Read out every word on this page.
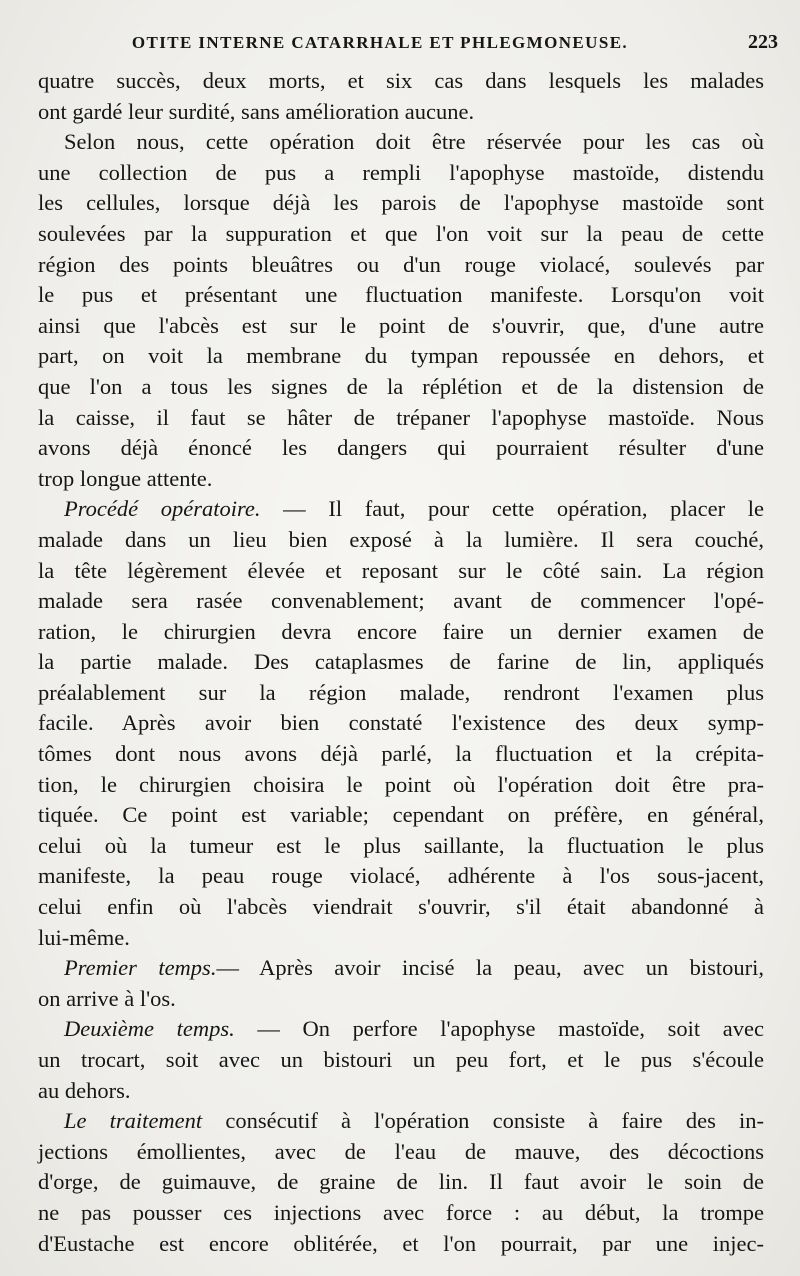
OTITE INTERNE CATARRHALE ET PHLEGMONEUSE.	223
quatre succès, deux morts, et six cas dans lesquels les malades
ont gardé leur surdité, sans amélioration aucune.
Selon nous, cette opération doit être réservée pour les cas où
une collection de pus a rempli l'apophyse mastoïde, distendu
les cellules, lorsque déjà les parois de l'apophyse mastoïde sont
soulevées par la suppuration et que l'on voit sur la peau de cette
région des points bleuâtres ou d'un rouge violacé, soulevés par
le pus et présentant une fluctuation manifeste. Lorsqu'on voit
ainsi que l'abcès est sur le point de s'ouvrir, que, d'une autre
part, on voit la membrane du tympan repoussée en dehors, et
que l'on a tous les signes de la réplétion et de la distension de
la caisse, il faut se hâter de trépaner l'apophyse mastoïde. Nous
avons déjà énoncé les dangers qui pourraient résulter d'une
trop longue attente.
Procédé opératoire. — Il faut, pour cette opération, placer le
malade dans un lieu bien exposé à la lumière. Il sera couché,
la tête légèrement élevée et reposant sur le côté sain. La région
malade sera rasée convenablement; avant de commencer l'opé-
ration, le chirurgien devra encore faire un dernier examen de
la partie malade. Des cataplasmes de farine de lin, appliqués
préalablement sur la région malade, rendront l'examen plus
facile. Après avoir bien constaté l'existence des deux symp-
tômes dont nous avons déjà parlé, la fluctuation et la crépita-
tion, le chirurgien choisira le point où l'opération doit être pra-
tiquée. Ce point est variable; cependant on préfère, en général,
celui où la tumeur est le plus saillante, la fluctuation le plus
manifeste, la peau rouge violacé, adhérente à l'os sous-jacent,
celui enfin où l'abcès viendrait s'ouvrir, s'il était abandonné à
lui-même.
Premier temps.— Après avoir incisé la peau, avec un bistouri,
on arrive à l'os.
Deuxième temps. — On perfore l'apophyse mastoïde, soit avec
un trocart, soit avec un bistouri un peu fort, et le pus s'écoule
au dehors.
Le traitement consécutif à l'opération consiste à faire des in-
jections émollientes, avec de l'eau de mauve, des décoctions
d'orge, de guimauve, de graine de lin. Il faut avoir le soin de
ne pas pousser ces injections avec force : au début, la trompe
d'Eustache est encore oblitérée, et l'on pourrait, par une injec-
